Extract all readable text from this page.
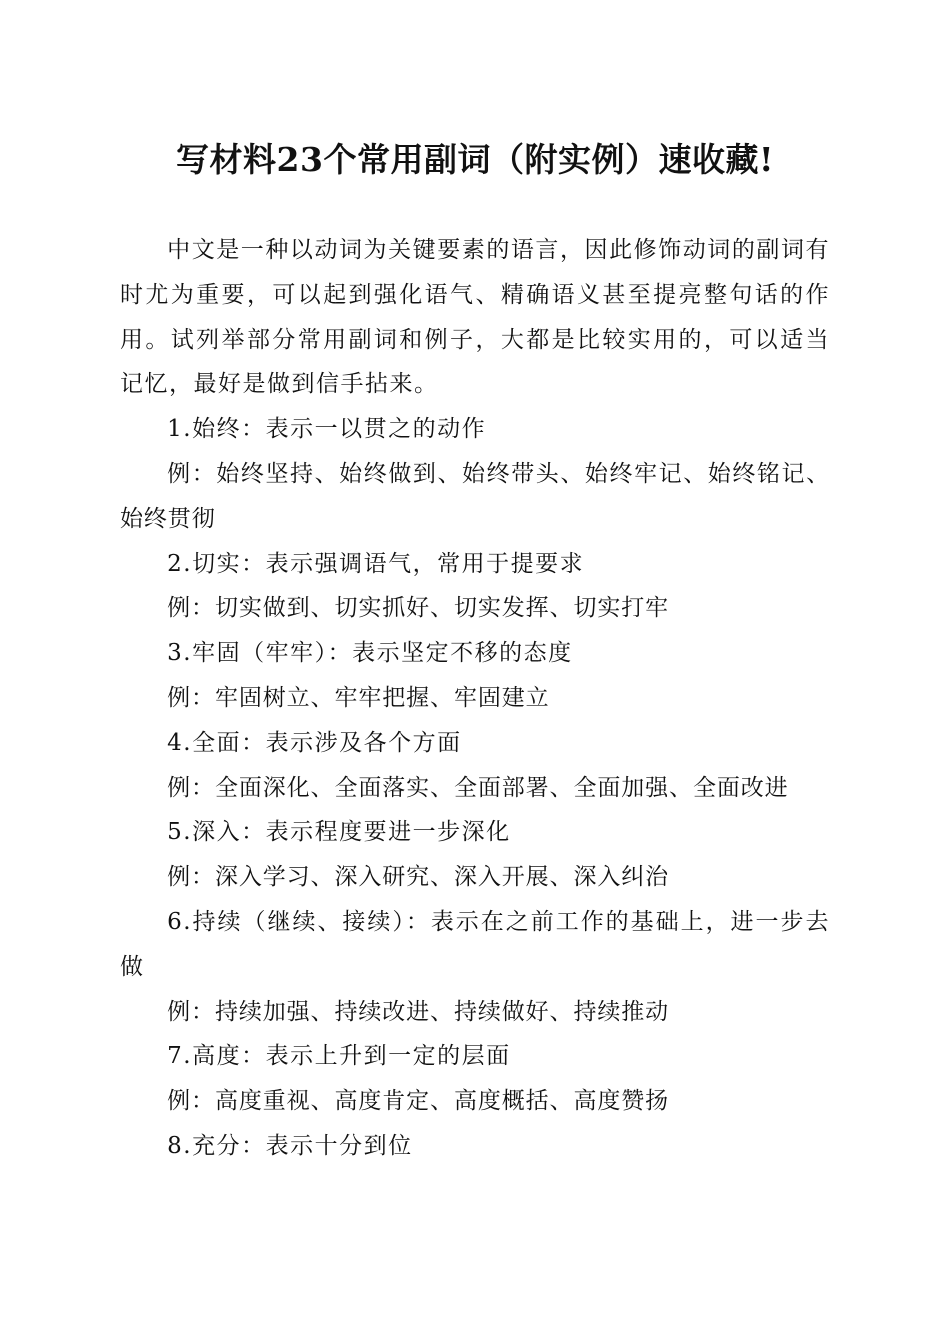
写材料23个常用副词（附实例）速收藏!

中文是一种以动词为关键要素的语言，因此修饰动词的副词有时尤为重要，可以起到强化语气、精确语义甚至提亮整句话的作用。试列举部分常用副词和例子，大都是比较实用的，可以适当记忆，最好是做到信手拈来。

1.始终：表示一以贯之的动作

例：始终坚持、始终做到、始终带头、始终牢记、始终铭记、始终贯彻

2.切实：表示强调语气，常用于提要求

例：切实做到、切实抓好、切实发挥、切实打牢

3.牢固（牢牢）：表示坚定不移的态度

例：牢固树立、牢牢把握、牢固建立

4.全面：表示涉及各个方面

例：全面深化、全面落实、全面部署、全面加强、全面改进

5.深入：表示程度要进一步深化

例：深入学习、深入研究、深入开展、深入纠治

6.持续（继续、接续）：表示在之前工作的基础上，进一步去做

例：持续加强、持续改进、持续做好、持续推动

7.高度：表示上升到一定的层面

例：高度重视、高度肯定、高度概括、高度赞扬

8.充分：表示十分到位
